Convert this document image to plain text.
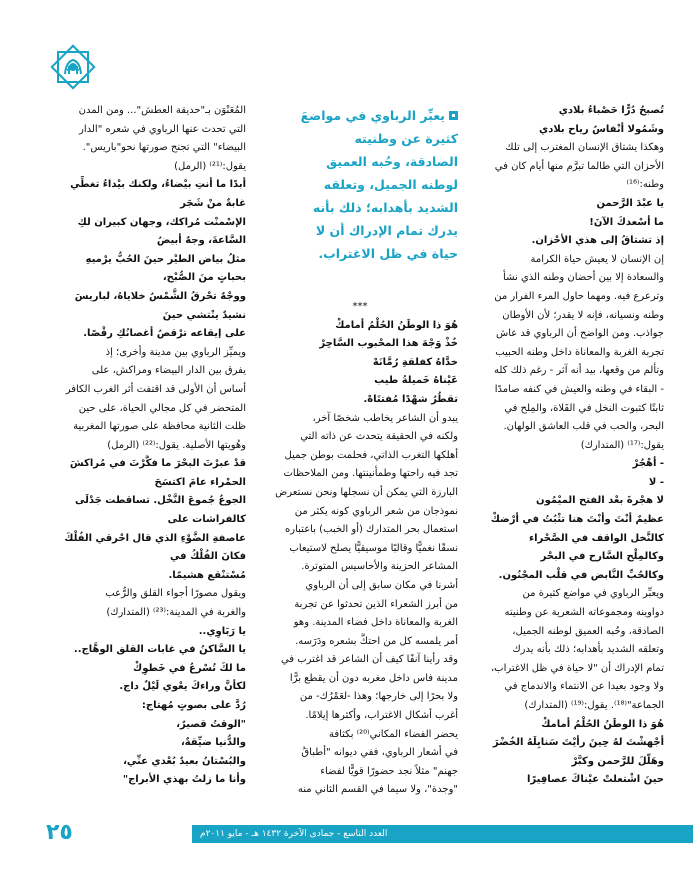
يعبِّر الرباوي في مواضعَ
كثيرة عن وطنيته
الصادقة، وحُبه العميق
لوطنه الجميل، وتعلقه
الشديد بأهدابه؛ ذلك بأنه
يدرك تمام الإدراك أن لا
حياة في ظل الاغتراب.
تُصبحُ دُرًّا حَصْباءُ بلادي
وشَمُولا أنْفاسُ رياح بلادي
وهكذا يشتاق الإنسان المغترب إلى تلك
الأحزان التي طالما تبرَّم منها أيام كان في
وطنه:⁽¹⁶⁾
يا عبْدَ الرَّحمن
ما أسْعدكَ الآنَ!
إذ تشتاقُ إلى هذي الأحْزان.
إن الإنسان لا يعيش حياة الكرامة
والسعادة إلا بين أحضان وطنه الذي نشأ
وترعرع فيه. ومهما حاول المرء الفرار من
وطنه ونسيانه، فإنه لا يقدر؛ لأن الأوطان
جواذب. ومن الواضح أن الرباوي قد عاش
تجربة الغربة والمعاناة داخل وطنه الحبيب
وتألم من وقعها، بيد أنه آثر - رغم ذلك كله
- البقاء في وطنه والعيش في كنفه صامدًا
ثابتًا كثبوت النخل في الفَلاة، والمِلح في
البحر، والحب في قلب العاشق الولهان.
يقول:⁽¹⁷⁾ (المتدارك)
- أهْجُرْ
- لا
لا هجْرةَ بعْد الفتح الميْمُون
عظيمٌ أنْتَ وأنْتَ هنا تثْبُتُ في أرْضكْ
كالنَّخل الواقف في الصَّحْراء
وكالمِلْح السَّارح في البحْر
وكالحُبِّ النَّابض في قلْب المجْنُون.
ويعبِّر الرباوي في مواضع كثيرة من
دواوينه ومجموعاته الشعرية عن وطنيته
الصادقة، وحُبه العميق لوطنه الجميل،
وتعلقه الشديد بأهدابه؛ ذلك بأنه يدرك
تمام الإدراك أن "لا حياة في ظل الاغتراب،
ولا وجود بعيدا عن الانتماء والاندماج في
الجماعة"⁽¹⁸⁾. يقول:⁽¹⁹⁾ (المتدارك)
هُوَ ذا الوطَنُ الحُلْمُ أمامكْ
أجْهشْتَ لهُ حِينَ رأيْتَ سَنابِلَهُ الخُضْرَ
وهَلَّلَ للرَّحمن وكبَّرْ
حينَ اشْتعلتْ عيْناكَ عصافِيرًا
***
هُوَ ذا الوطَنُ الحُلْمُ أمامكْ
خُذْ وَجْهَ هذا المحْبوب السَّاحِرْ
خدَّاهُ كفلقةِ رُمَّانَهْ
عَيْناهُ خَميلةُ طيب
تقطُرُ شهْدًا مُفتتَاهْ.
يبدو أن الشاعر يخاطب شخصًا آخر،
ولكنه في الحقيقة يتحدث عن ذاته التي
أهلكها التغرب الذاتي، فحلمت بوطن جميل
تجد فيه راحتها وطمأنينتها. ومن الملاحظات
البارزة التي يمكن أن نسجلها ونحن نستعرض
نموذجان من شعر الرباوي كونه يكثر من
استعمال بحر المتدارك (أو الخبب) باعتباره
نسقًا نغميًّا وقالبًا موسيقيًّا يصلح لاستيعاب
المشاعر الحزينة والأحاسيس المتوترة.
أشرنا في مكان سابق إلى أن الرباوي
من أبرز الشعراء الذين تحدثوا عن تجربة
الغربة والمعاناة داخل فضاء المدينة. وهو
أمر يلمسه كل من احتكَّ بشعره ودَرَسه.
وقد رأينا آنفًا كيف أن الشاعر قد اغترب في
مدينة فاس داخل مغربه دون أن يقطع برًّا
ولا بحرًا إلى خارجها؛ وهذا -لعَمْرُك- من
أغرب أشكال الاغتراب، وأكثرها إيلامًا.
يحضر الفضاء المكاني⁽²⁰⁾ بكثافة
في أشعار الرباوي، ففي ديوانه "أطباقُ
جهنم" مثلاً نجد حضورًا قويًّا لفضاء
"وجدة"، ولا سيما في القسم الثاني منه
المُعَنْوَن بـ"حديقة العطش"... ومن المدن
التي تحدث عنها الرباوي في شعره "الدار
البيضاء" التي تجنح صورتها نحو"باريس".
يقول:⁽²¹⁾ (الرمل)
أبدًا ما أنتِ بيْضاءُ، ولكنك بيْداءُ تغطِّي
غابةٌ منْ شَجَر
الإسْمنْت مُراكك، وجهان كبيران لكِ
السَّاعةَ، وجهٌ أبيضُ
مثلُ بياض الطيْر حينَ الحُبُّ يرْميهِ
بحباتٍ منَ الصُّبْح،
ووجْهٌ تحْرقُ الشَّمْسُ خلاياهُ، لباريسَ
نشيدٌ ينْتشي حينَ
على إيقاعه ترْقصُ أغصانُكِ رقْصًا.
ويميِّز الرباوي بين مدينة وأخرى؛ إذ
يفرق بين الدار البيضاء ومراكش، على
أساس أن الأولى قد اقتفت أثر الغرب الكافر
المتحضر في كل مجالي الحياة، على حين
ظلت الثانية محافظة على صورتها المغربية
وهُويتها الأصلية. يقول:⁽²²⁾ (الرمل)
قدْ عبرْتَ البحْرَ ما فكَّرْتَ في مُراكشَ
الحمْراء عامَ اكتسَحَ
الجوعُ جُموعَ النَّخْل. تساقطت جَدْلَى
كالفراشات على
عاصفةِ الضَّوْءِ الذي قال احْرقي الفُلْكَ
فكانَ الفُلْكُ في
مُسْتنْقع هشيمًا.
ويقول مصورًا أجواء القلق والرُّعب
والغربة في المدينة:⁽²³⁾ (المتدارك)
يا رَبَاوِي..
يا السَّاكنُ في غابات القلق الوهَّاج..
ما لكَ تُسْرعُ في خَطوِكْ
لكأنَّ وراءكَ يعْوي لَيْلٌ داج.
رُدَّ على بصوتٍ مُهتاج:
"الوقتُ قصيرٌ،
والدُّنيا ضيِّقةٌ،
والبُسْتانُ بعيدٌ بُعْدي عنِّي،
وأنا ما زلتُ بهذي الأبراج"
العدد التاسع - جمادى الآخرة ١٤٣٢ هـ - مايو ٢٠١١م
٢٥
